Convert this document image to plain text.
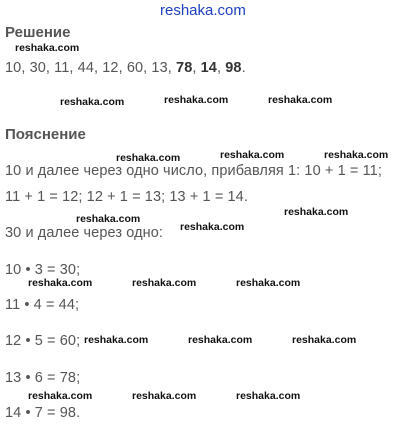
reshaka.com
Решение
reshaka.com
10, 30, 11, 44, 12, 60, 13, 78, 14, 98.
reshaka.com	reshaka.com	reshaka.com
Пояснение
reshaka.com	reshaka.com	reshaka.com
10 и далее через одно число, прибавляя 1: 10 + 1 = 11;
11 + 1 = 12; 12 + 1 = 13; 13 + 1 = 14.
reshaka.com
reshaka.com
reshaka.com
30 и далее через одно:
10 • 3 = 30;
reshaka.com	reshaka.com	reshaka.com
11 • 4 = 44;
12 • 5 = 60; reshaka.com	reshaka.com	reshaka.com
13 • 6 = 78;
reshaka.com	reshaka.com	reshaka.com
14 • 7 = 98.
